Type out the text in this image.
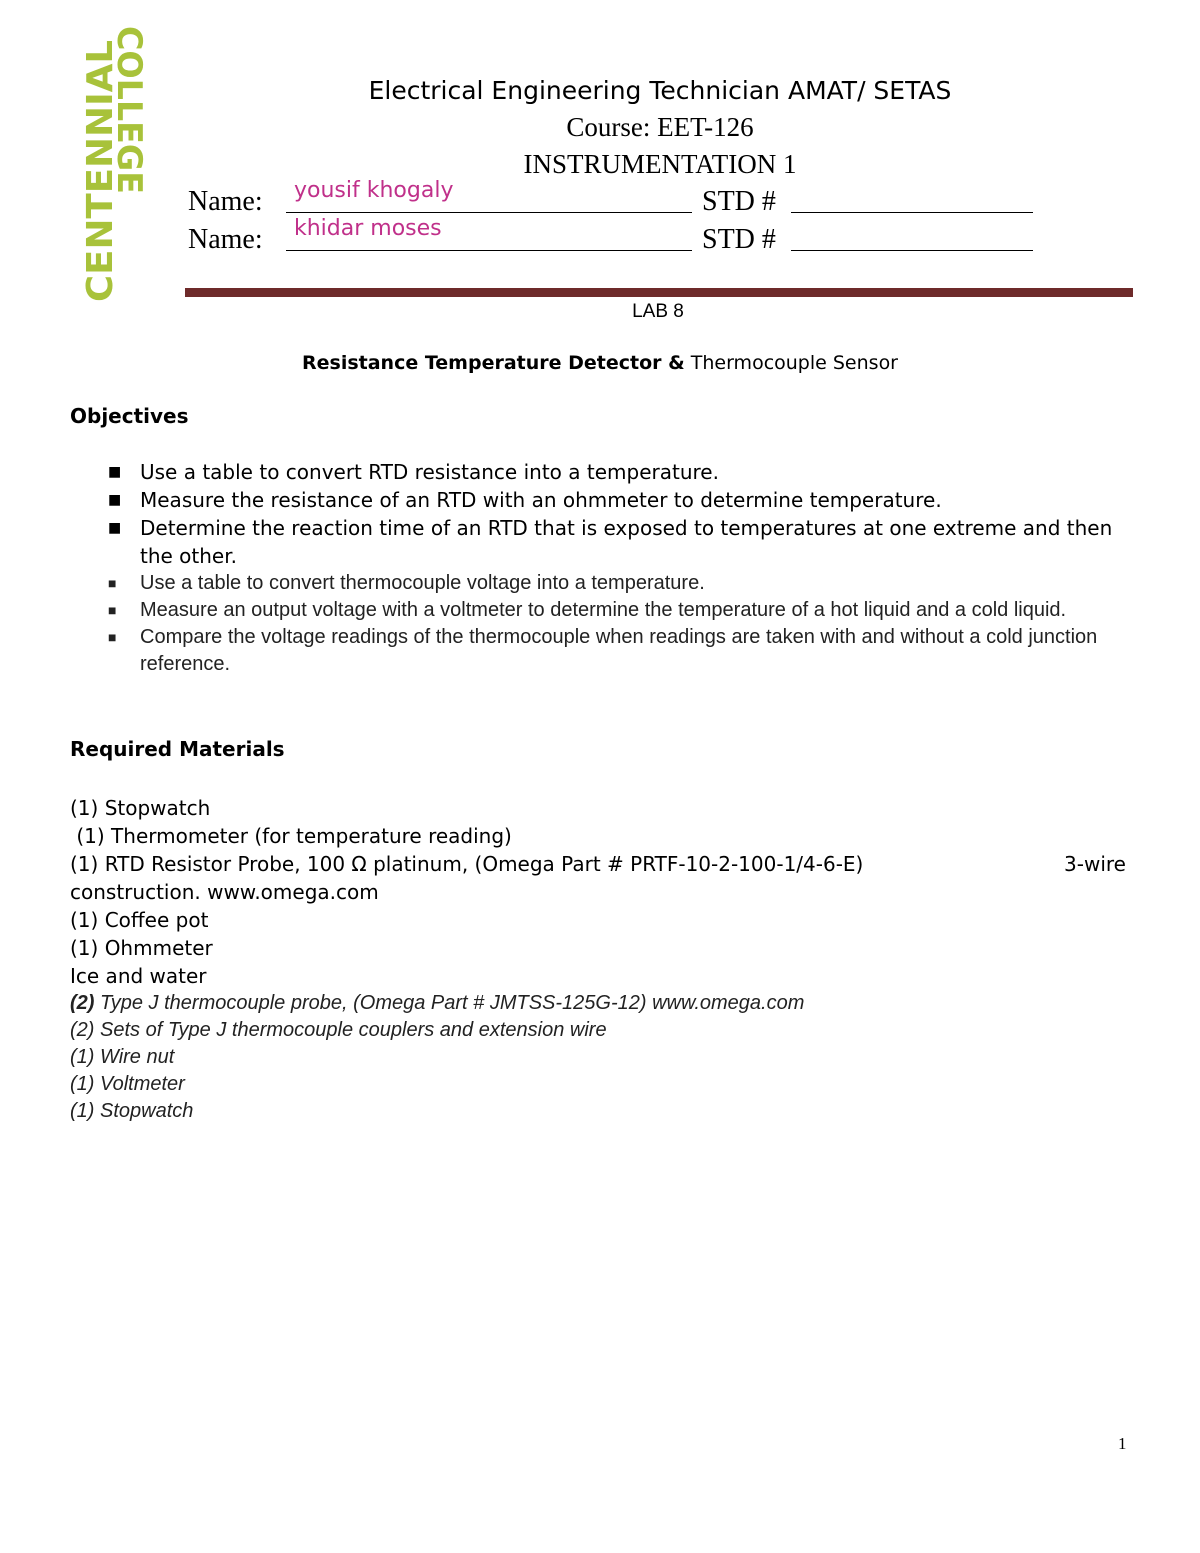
COLLEGE
CENTENNIAL	Electrical Engineering Technician AMAT/ SETAS
Course: EET-126
INSTRUMENTATION 1
Name: yousif khogaly	STD #
Name: khidar moses	STD #
LAB 8
Resistance Temperature Detector & Thermocouple Sensor
Objectives
■ Use a table to convert RTD resistance into a temperature.
■ Measure the resistance of an RTD with an ohmmeter to determine temperature.
■ Determine the reaction time of an RTD that is exposed to temperatures at one extreme and then the other.
■ Use a table to convert thermocouple voltage into a temperature.
■ Measure an output voltage with a voltmeter to determine the temperature of a hot liquid and a cold liquid.
■ Compare the voltage readings of the thermocouple when readings are taken with and without a cold junction reference.
Required Materials
(1) Stopwatch
(1) Thermometer (for temperature reading)
(1) RTD Resistor Probe, 100 Ω platinum, (Omega Part # PRTF-10-2-100-1/4-6-E)	3-wire
construction. www.omega.com
(1) Coffee pot
(1) Ohmmeter
Ice and water
(2) Type J thermocouple probe, (Omega Part # JMTSS-125G-12) www.omega.com
(2) Sets of Type J thermocouple couplers and extension wire
(1) Wire nut
(1) Voltmeter
(1) Stopwatch
1
